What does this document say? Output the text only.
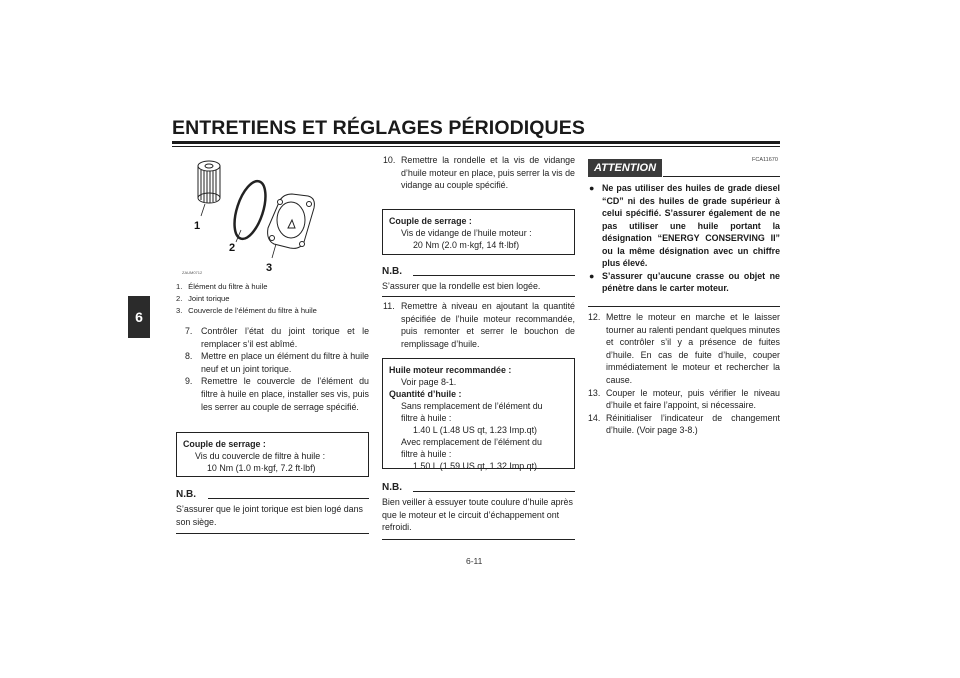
ENTRETIENS ET RÉGLAGES PÉRIODIQUES
6
1
2
3
ZAUM0712
1. Élément du filtre à huile
2. Joint torique
3. Couvercle de l’élément du filtre à huile
7. Contrôler l’état du joint torique et le remplacer s’il est abîmé.
8. Mettre en place un élément du filtre à huile neuf et un joint torique.
9. Remettre le couvercle de l’élément du filtre à huile en place, installer ses vis, puis les serrer au couple de serrage spécifié.
Couple de serrage :
Vis du couvercle de filtre à huile :
10 Nm (1.0 m·kgf, 7.2 ft·lbf)
N.B.
S’assurer que le joint torique est bien logé dans son siège.
10. Remettre la rondelle et la vis de vidange d’huile moteur en place, puis serrer la vis de vidange au couple spécifié.
Couple de serrage :
Vis de vidange de l’huile moteur :
20 Nm (2.0 m·kgf, 14 ft·lbf)
N.B.
S’assurer que la rondelle est bien logée.
11. Remettre à niveau en ajoutant la quantité spécifiée de l’huile moteur recommandée, puis remonter et serrer le bouchon de remplissage d’huile.
Huile moteur recommandée :
Voir page 8-1.
Quantité d’huile :
Sans remplacement de l’élément du
filtre à huile :
1.40 L (1.48 US qt, 1.23 Imp.qt)
Avec remplacement de l’élément du
filtre à huile :
1.50 L (1.59 US qt, 1.32 Imp.qt)
N.B.
Bien veiller à essuyer toute coulure d’huile après que le moteur et le circuit d’échappement ont refroidi.
ATTENTION
FCA11670
● Ne pas utiliser des huiles de grade diesel “CD” ni des huiles de grade supérieur à celui spécifié. S’assurer également de ne pas utiliser une huile portant la désignation “ENERGY CONSERVING II” ou la même désignation avec un chiffre plus élevé.
● S’assurer qu’aucune crasse ou objet ne pénètre dans le carter moteur.
12. Mettre le moteur en marche et le laisser tourner au ralenti pendant quelques minutes et contrôler s’il y a présence de fuites d’huile. En cas de fuite d’huile, couper immédiatement le moteur et rechercher la cause.
13. Couper le moteur, puis vérifier le niveau d’huile et faire l’appoint, si nécessaire.
14. Réinitialiser l’indicateur de changement d’huile. (Voir page 3-8.)
6-11
